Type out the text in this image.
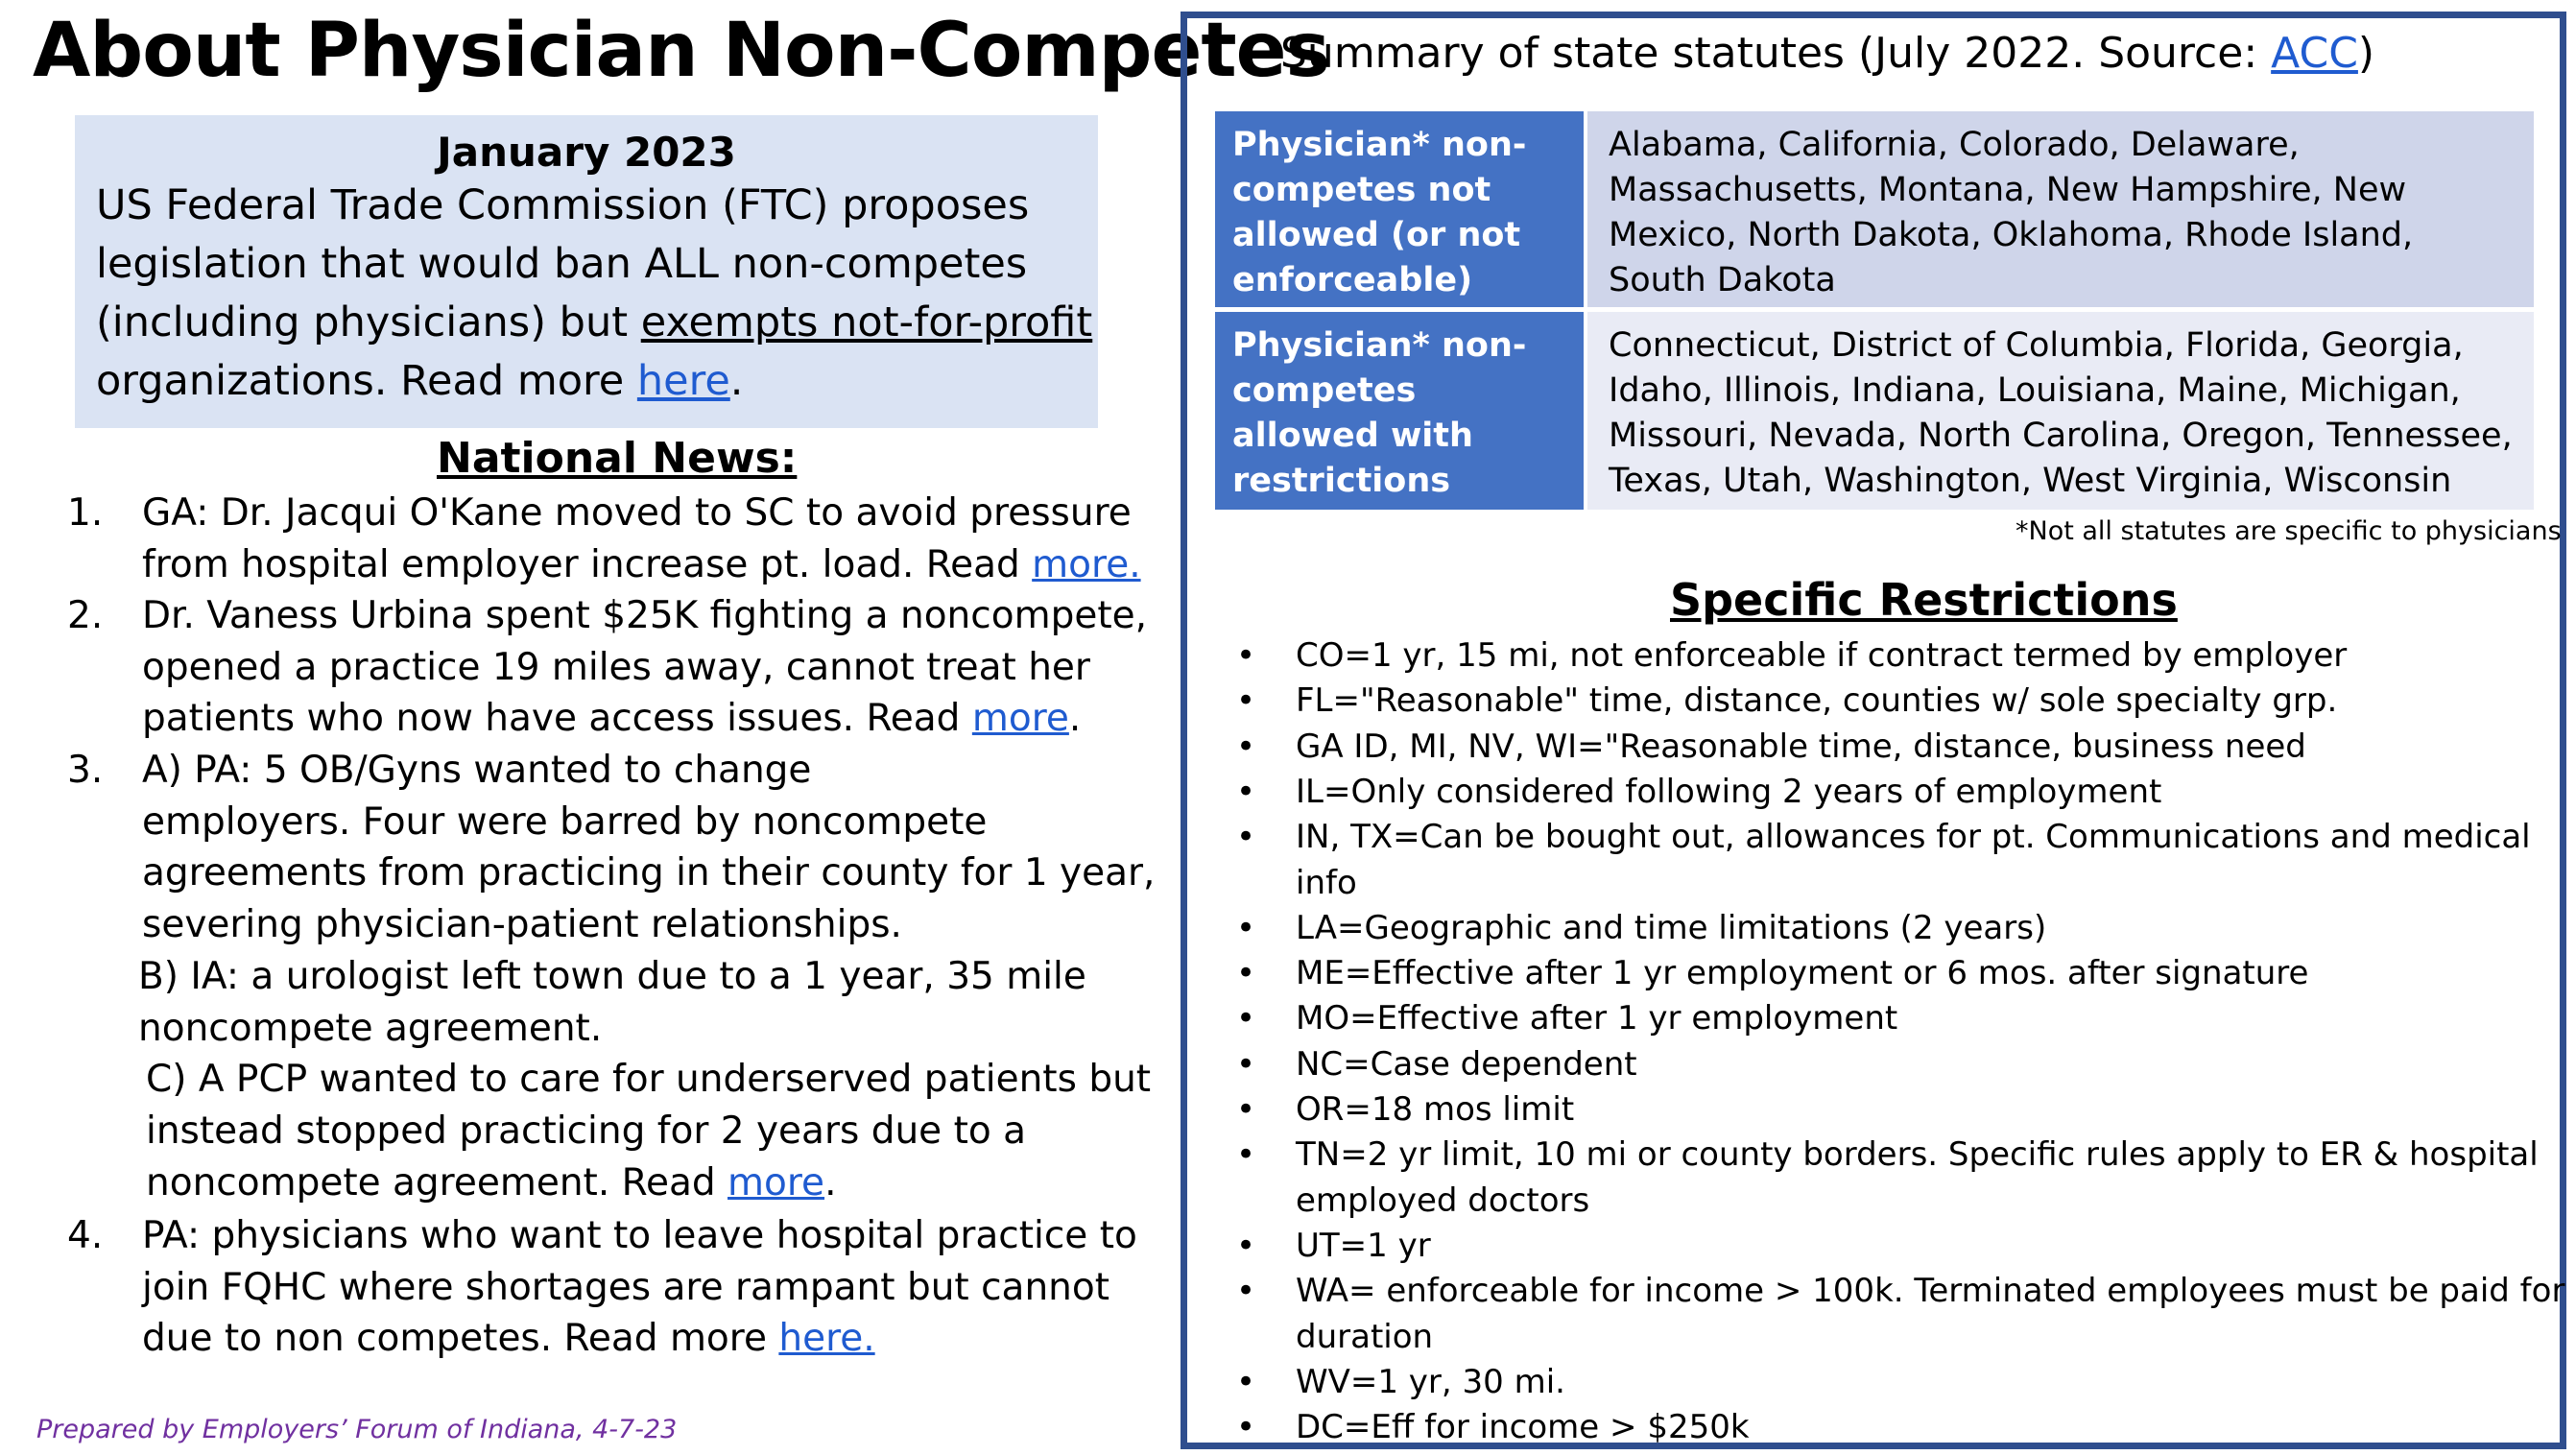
About Physician Non-Competes
January 2023
US Federal Trade Commission (FTC) proposes
legislation that would ban ALL non-competes
(including physicians) but exempts not-for-profit
organizations. Read more here.
National News:
1. GA: Dr. Jacqui O'Kane moved to SC to avoid pressure
from hospital employer increase pt. load. Read more.
2. Dr. Vaness Urbina spent $25K fighting a noncompete,
opened a practice 19 miles away, cannot treat her
patients who now have access issues. Read more.
3. A) PA: 5 OB/Gyns wanted to change
employers. Four were barred by noncompete
agreements from practicing in their county for 1 year,
severing physician-patient relationships.
B) IA: a urologist left town due to a 1 year, 35 mile
noncompete agreement.
C) A PCP wanted to care for underserved patients but
instead stopped practicing for 2 years due to a
noncompete agreement. Read more.
4. PA: physicians who want to leave hospital practice to
join FQHC where shortages are rampant but cannot
due to non competes. Read more here.
Prepared by Employers’ Forum of Indiana, 4-7-23
Summary of state statutes (July 2022. Source: ACC)
Physician* non-competes not allowed (or not enforceable)
Alabama, California, Colorado, Delaware, Massachusetts, Montana, New Hampshire, New Mexico, North Dakota, Oklahoma, Rhode Island, South Dakota
Physician* non-competes allowed with restrictions
Connecticut, District of Columbia, Florida, Georgia, Idaho, Illinois, Indiana, Louisiana, Maine, Michigan, Missouri, Nevada, North Carolina, Oregon, Tennessee, Texas, Utah, Washington, West Virginia, Wisconsin
*Not all statutes are specific to physicians
Specific Restrictions
• CO=1 yr, 15 mi, not enforceable if contract termed by employer
• FL="Reasonable" time, distance, counties w/ sole specialty grp.
• GA ID, MI, NV, WI="Reasonable time, distance, business need
• IL=Only considered following 2 years of employment
• IN, TX=Can be bought out, allowances for pt. Communications and medical
info
• LA=Geographic and time limitations (2 years)
• ME=Effective after 1 yr employment or 6 mos. after signature
• MO=Effective after 1 yr employment
• NC=Case dependent
• OR=18 mos limit
• TN=2 yr limit, 10 mi or county borders. Specific rules apply to ER & hospital
employed doctors
• UT=1 yr
• WA= enforceable for income > 100k. Terminated employees must be paid for
duration
• WV=1 yr, 30 mi.
• DC=Eff for income > $250k
